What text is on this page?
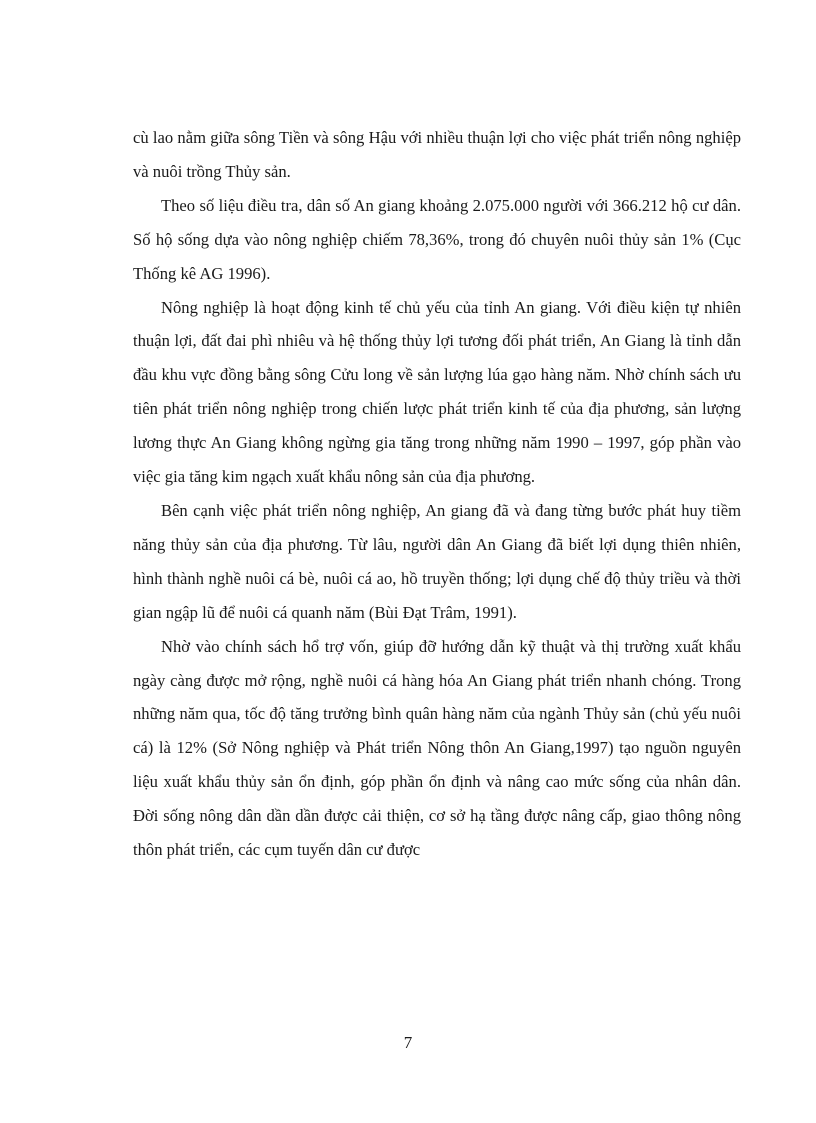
cù lao nằm giữa sông Tiền và sông Hậu với nhiều thuận lợi cho việc phát triển nông nghiệp và nuôi trồng Thủy sản.

Theo số liệu điều tra, dân số An giang khoảng 2.075.000 người với 366.212 hộ cư dân. Số hộ sống dựa vào nông nghiệp chiếm 78,36%, trong đó chuyên nuôi thủy sản 1% (Cục Thống kê AG 1996).

Nông nghiệp là hoạt động kinh tế chủ yếu của tỉnh An giang. Với điều kiện tự nhiên thuận lợi, đất đai phì nhiêu và hệ thống thủy lợi tương đối phát triển, An Giang là tỉnh dẫn đầu khu vực đồng bằng sông Cửu long về sản lượng lúa gạo hàng năm. Nhờ chính sách ưu tiên phát triển nông nghiệp trong chiến lược phát triển kinh tế của địa phương, sản lượng lương thực An Giang không ngừng gia tăng trong những năm 1990 – 1997, góp phần vào việc gia tăng kim ngạch xuất khẩu nông sản của địa phương.

Bên cạnh việc phát triển nông nghiệp, An giang đã và đang từng bước phát huy tiềm năng thủy sản của địa phương. Từ lâu, người dân An Giang đã biết lợi dụng thiên nhiên, hình thành nghề nuôi cá bè, nuôi cá ao, hồ truyền thống; lợi dụng chế độ thủy triều và thời gian ngập lũ để nuôi cá quanh năm (Bùi Đạt Trâm, 1991).

Nhờ vào chính sách hổ trợ vốn, giúp đỡ hướng dẫn kỹ thuật và thị trường xuất khẩu ngày càng được mở rộng, nghề nuôi cá hàng hóa An Giang phát triển nhanh chóng. Trong những năm qua, tốc độ tăng trưởng bình quân hàng năm của ngành Thủy sản (chủ yếu nuôi cá) là 12% (Sở Nông nghiệp và Phát triển Nông thôn An Giang,1997) tạo nguồn nguyên liệu xuất khẩu thủy sản ổn định, góp phần ổn định và nâng cao mức sống của nhân dân. Đời sống nông dân dần dần được cải thiện, cơ sở hạ tầng được nâng cấp, giao thông nông thôn phát triển, các cụm tuyến dân cư được

7
